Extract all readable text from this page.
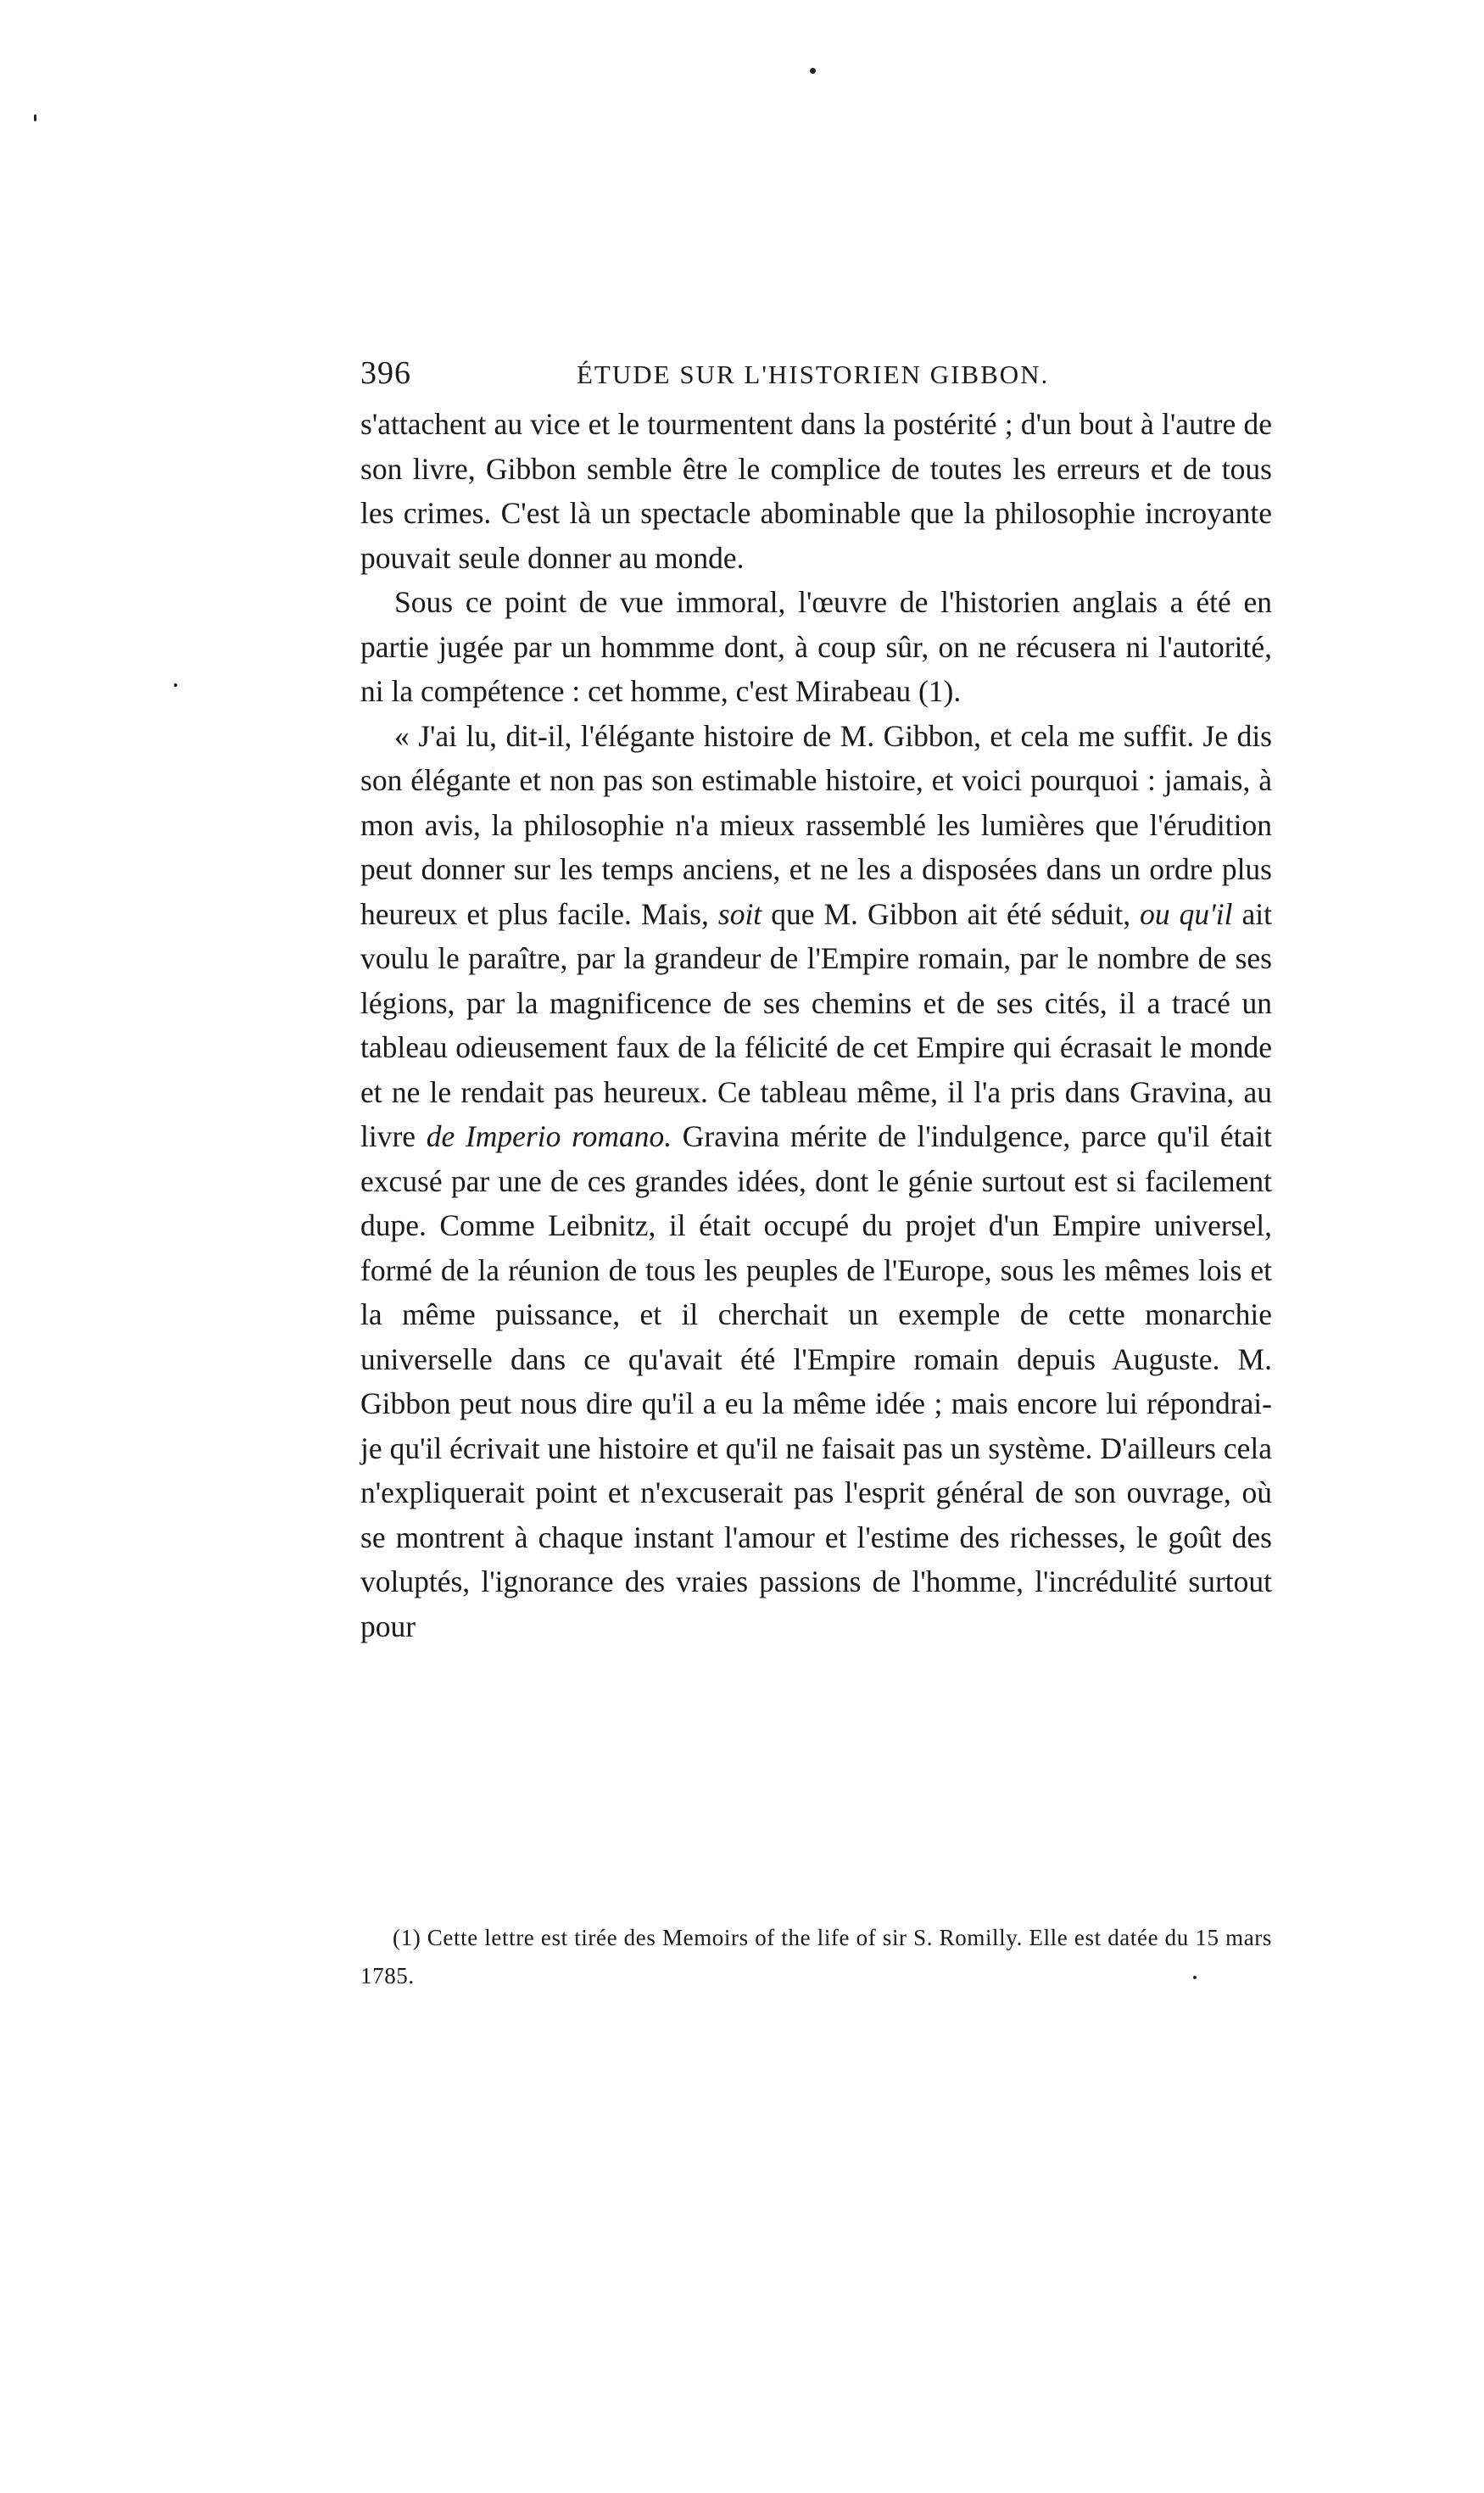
396	ÉTUDE SUR L'HISTORIEN GIBBON.

s'attachent au vice et le tourmentent dans la postérité ; d'un bout à l'autre de son livre, Gibbon semble être le complice de toutes les erreurs et de tous les crimes. C'est là un spectacle abominable que la philosophie incroyante pouvait seule donner au monde.

Sous ce point de vue immoral, l'œuvre de l'historien anglais a été en partie jugée par un hommme dont, à coup sûr, on ne récusera ni l'autorité, ni la compétence : cet homme, c'est Mirabeau (1).

« J'ai lu, dit-il, l'élégante histoire de M. Gibbon, et cela me suffit. Je dis son élégante et non pas son estimable histoire, et voici pourquoi : jamais, à mon avis, la philosophie n'a mieux rassemblé les lumières que l'érudition peut donner sur les temps anciens, et ne les a disposées dans un ordre plus heureux et plus facile. Mais, soit que M. Gibbon ait été séduit, ou qu'il ait voulu le paraître, par la grandeur de l'Empire romain, par le nombre de ses légions, par la magnificence de ses chemins et de ses cités, il a tracé un tableau odieusement faux de la félicité de cet Empire qui écrasait le monde et ne le rendait pas heureux. Ce tableau même, il l'a pris dans Gravina, au livre de Imperio romano. Gravina mérite de l'indulgence, parce qu'il était excusé par une de ces grandes idées, dont le génie surtout est si facilement dupe. Comme Leibnitz, il était occupé du projet d'un Empire universel, formé de la réunion de tous les peuples de l'Europe, sous les mêmes lois et la même puissance, et il cherchait un exemple de cette monarchie universelle dans ce qu'avait été l'Empire romain depuis Auguste. M. Gibbon peut nous dire qu'il a eu la même idée ; mais encore lui répondrai-je qu'il écrivait une histoire et qu'il ne faisait pas un système. D'ailleurs cela n'expliquerait point et n'excuserait pas l'esprit général de son ouvrage, où se montrent à chaque instant l'amour et l'estime des richesses, le goût des voluptés, l'ignorance des vraies passions de l'homme, l'incrédulité surtout pour

(1) Cette lettre est tirée des Memoirs of the life of sir S. Romilly. Elle est datée du 15 mars 1785.
